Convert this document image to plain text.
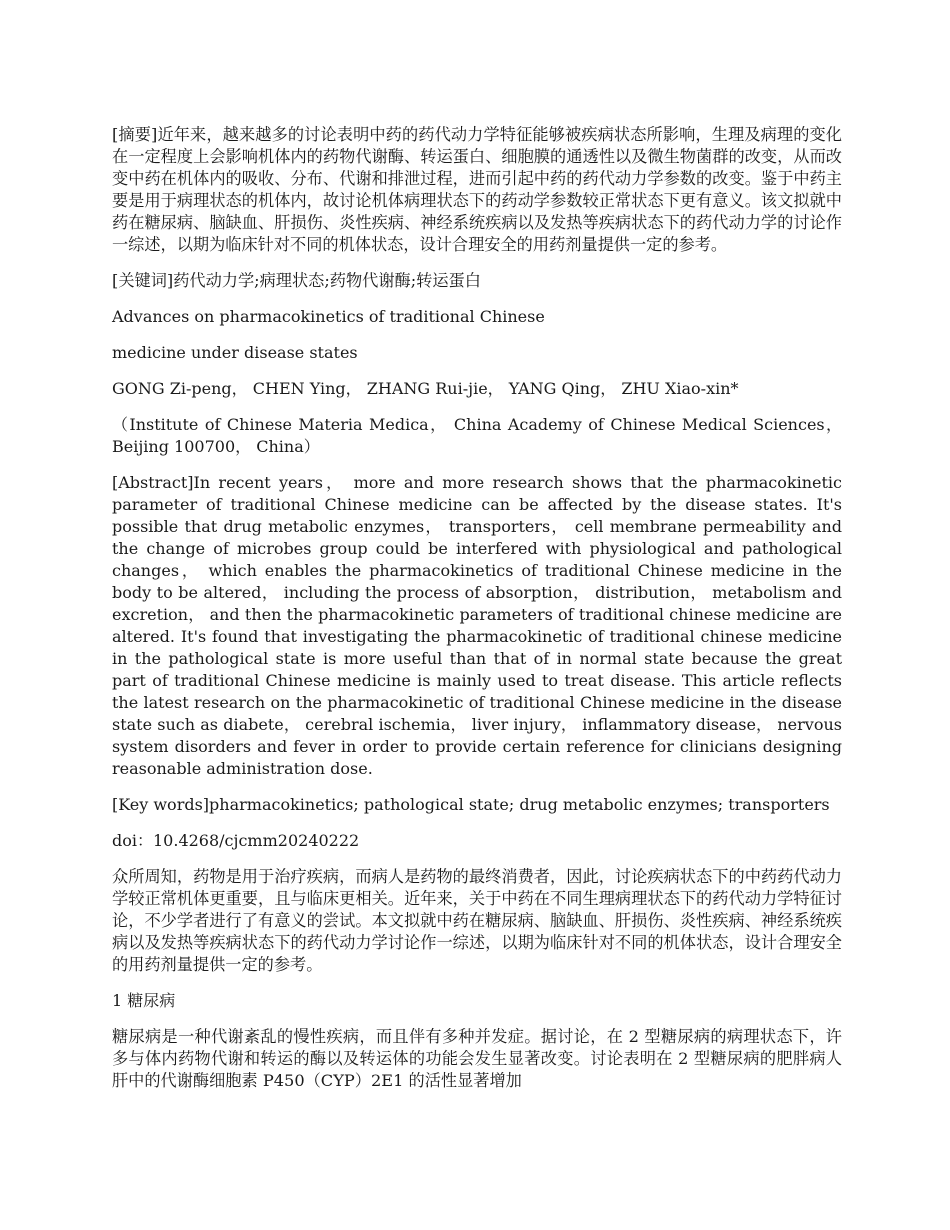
[摘要]近年来，越来越多的讨论表明中药的药代动力学特征能够被疾病状态所影响，生理及病理的变化在一定程度上会影响机体内的药物代谢酶、转运蛋白、细胞膜的通透性以及微生物菌群的改变，从而改变中药在机体内的吸收、分布、代谢和排泄过程，进而引起中药的药代动力学参数的改变。鉴于中药主要是用于病理状态的机体内，故讨论机体病理状态下的药动学参数较正常状态下更有意义。该文拟就中药在糖尿病、脑缺血、肝损伤、炎性疾病、神经系统疾病以及发热等疾病状态下的药代动力学的讨论作一综述，以期为临床针对不同的机体状态，设计合理安全的用药剂量提供一定的参考。

[关键词]药代动力学;病理状态;药物代谢酶;转运蛋白

Advances on pharmacokinetics of traditional Chinese

medicine under disease states

GONG Zi-peng， CHEN Ying， ZHANG Rui-jie， YANG Qing， ZHU Xiao-xin*

（Institute of Chinese Materia Medica， China Academy of Chinese Medical Sciences， Beijing 100700， China）

[Abstract]In recent years， more and more research shows that the pharmacokinetic parameter of traditional Chinese medicine can be affected by the disease states. It's possible that drug metabolic enzymes， transporters， cell membrane permeability and the change of microbes group could be interfered with physiological and pathological changes， which enables the pharmacokinetics of traditional Chinese medicine in the body to be altered， including the process of absorption， distribution， metabolism and excretion， and then the pharmacokinetic parameters of traditional chinese medicine are altered. It's found that investigating the pharmacokinetic of traditional chinese medicine in the pathological state is more useful than that of in normal state because the great part of traditional Chinese medicine is mainly used to treat disease. This article reflects the latest research on the pharmacokinetic of traditional Chinese medicine in the disease state such as diabete， cerebral ischemia， liver injury， inflammatory disease， nervous system disorders and fever in order to provide certain reference for clinicians designing reasonable administration dose.

[Key words]pharmacokinetics; pathological state; drug metabolic enzymes; transporters

doi：10.4268/cjcmm20240222

众所周知，药物是用于治疗疾病，而病人是药物的最终消费者，因此，讨论疾病状态下的中药药代动力学较正常机体更重要，且与临床更相关。近年来，关于中药在不同生理病理状态下的药代动力学特征讨论，不少学者进行了有意义的尝试。本文拟就中药在糖尿病、脑缺血、肝损伤、炎性疾病、神经系统疾病以及发热等疾病状态下的药代动力学讨论作一综述，以期为临床针对不同的机体状态，设计合理安全的用药剂量提供一定的参考。

1 糖尿病

糖尿病是一种代谢紊乱的慢性疾病，而且伴有多种并发症。据讨论，在 2 型糖尿病的病理状态下，许多与体内药物代谢和转运的酶以及转运体的功能会发生显著改变。讨论表明在 2 型糖尿病的肥胖病人肝中的代谢酶细胞素 P450（CYP）2E1 的活性显著增加
